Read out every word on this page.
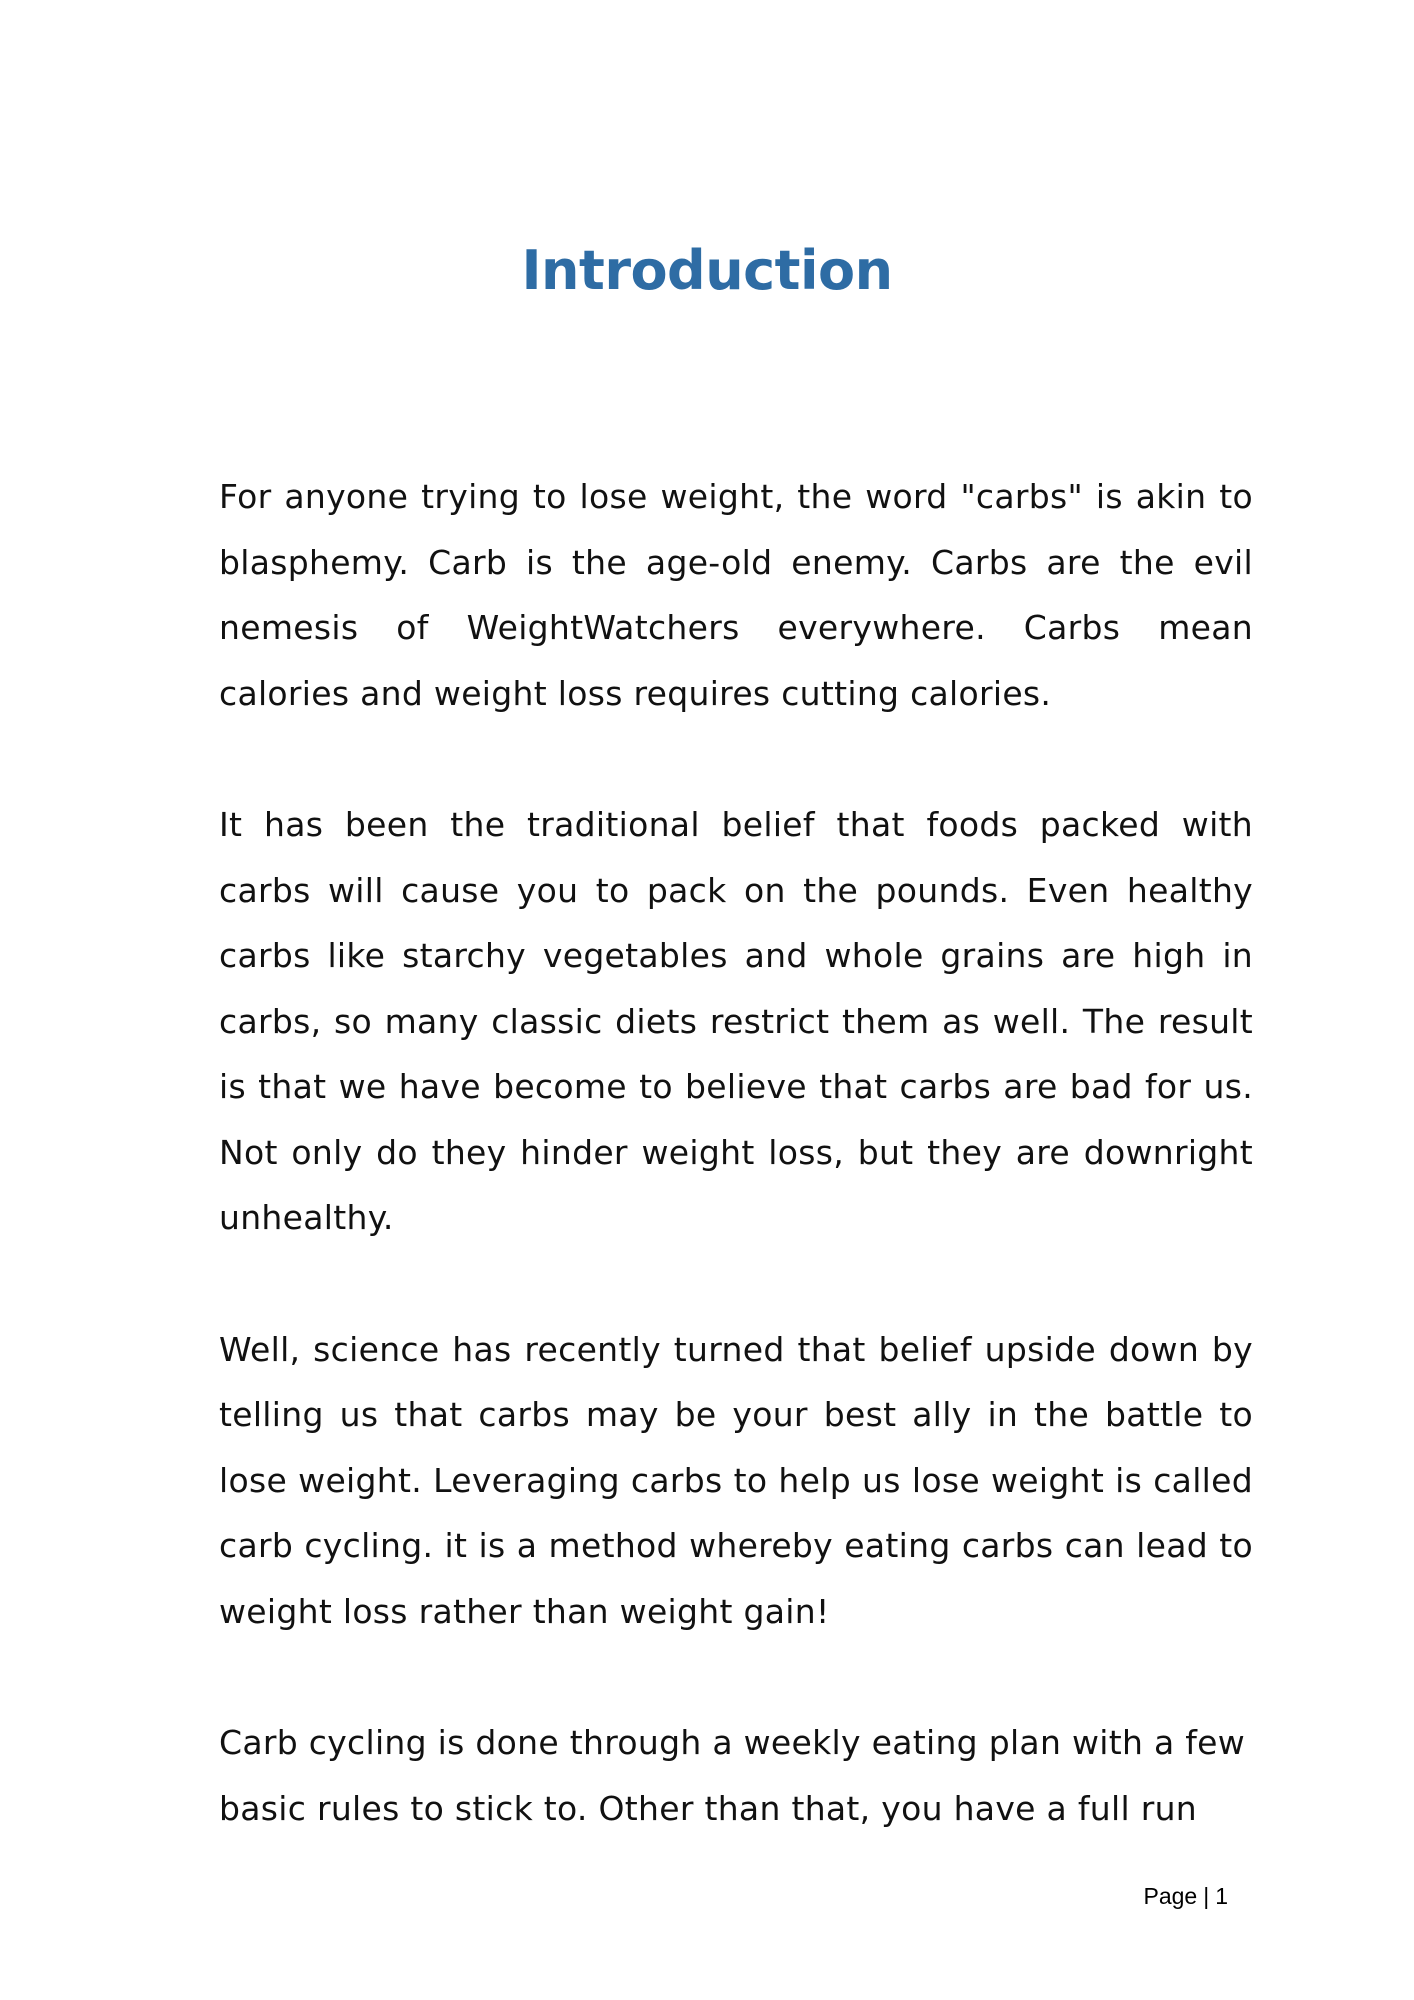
Introduction

For anyone trying to lose weight, the word "carbs" is akin to blasphemy. Carb is the age-old enemy. Carbs are the evil nemesis of WeightWatchers everywhere. Carbs mean calories and weight loss requires cutting calories.

It has been the traditional belief that foods packed with carbs will cause you to pack on the pounds. Even healthy carbs like starchy vegetables and whole grains are high in carbs, so many classic diets restrict them as well. The result is that we have become to believe that carbs are bad for us. Not only do they hinder weight loss, but they are downright unhealthy.

Well, science has recently turned that belief upside down by telling us that carbs may be your best ally in the battle to lose weight. Leveraging carbs to help us lose weight is called carb cycling. it is a method whereby eating carbs can lead to weight loss rather than weight gain!

Carb cycling is done through a weekly eating plan with a few basic rules to stick to. Other than that, you have a full run

Page | 1
